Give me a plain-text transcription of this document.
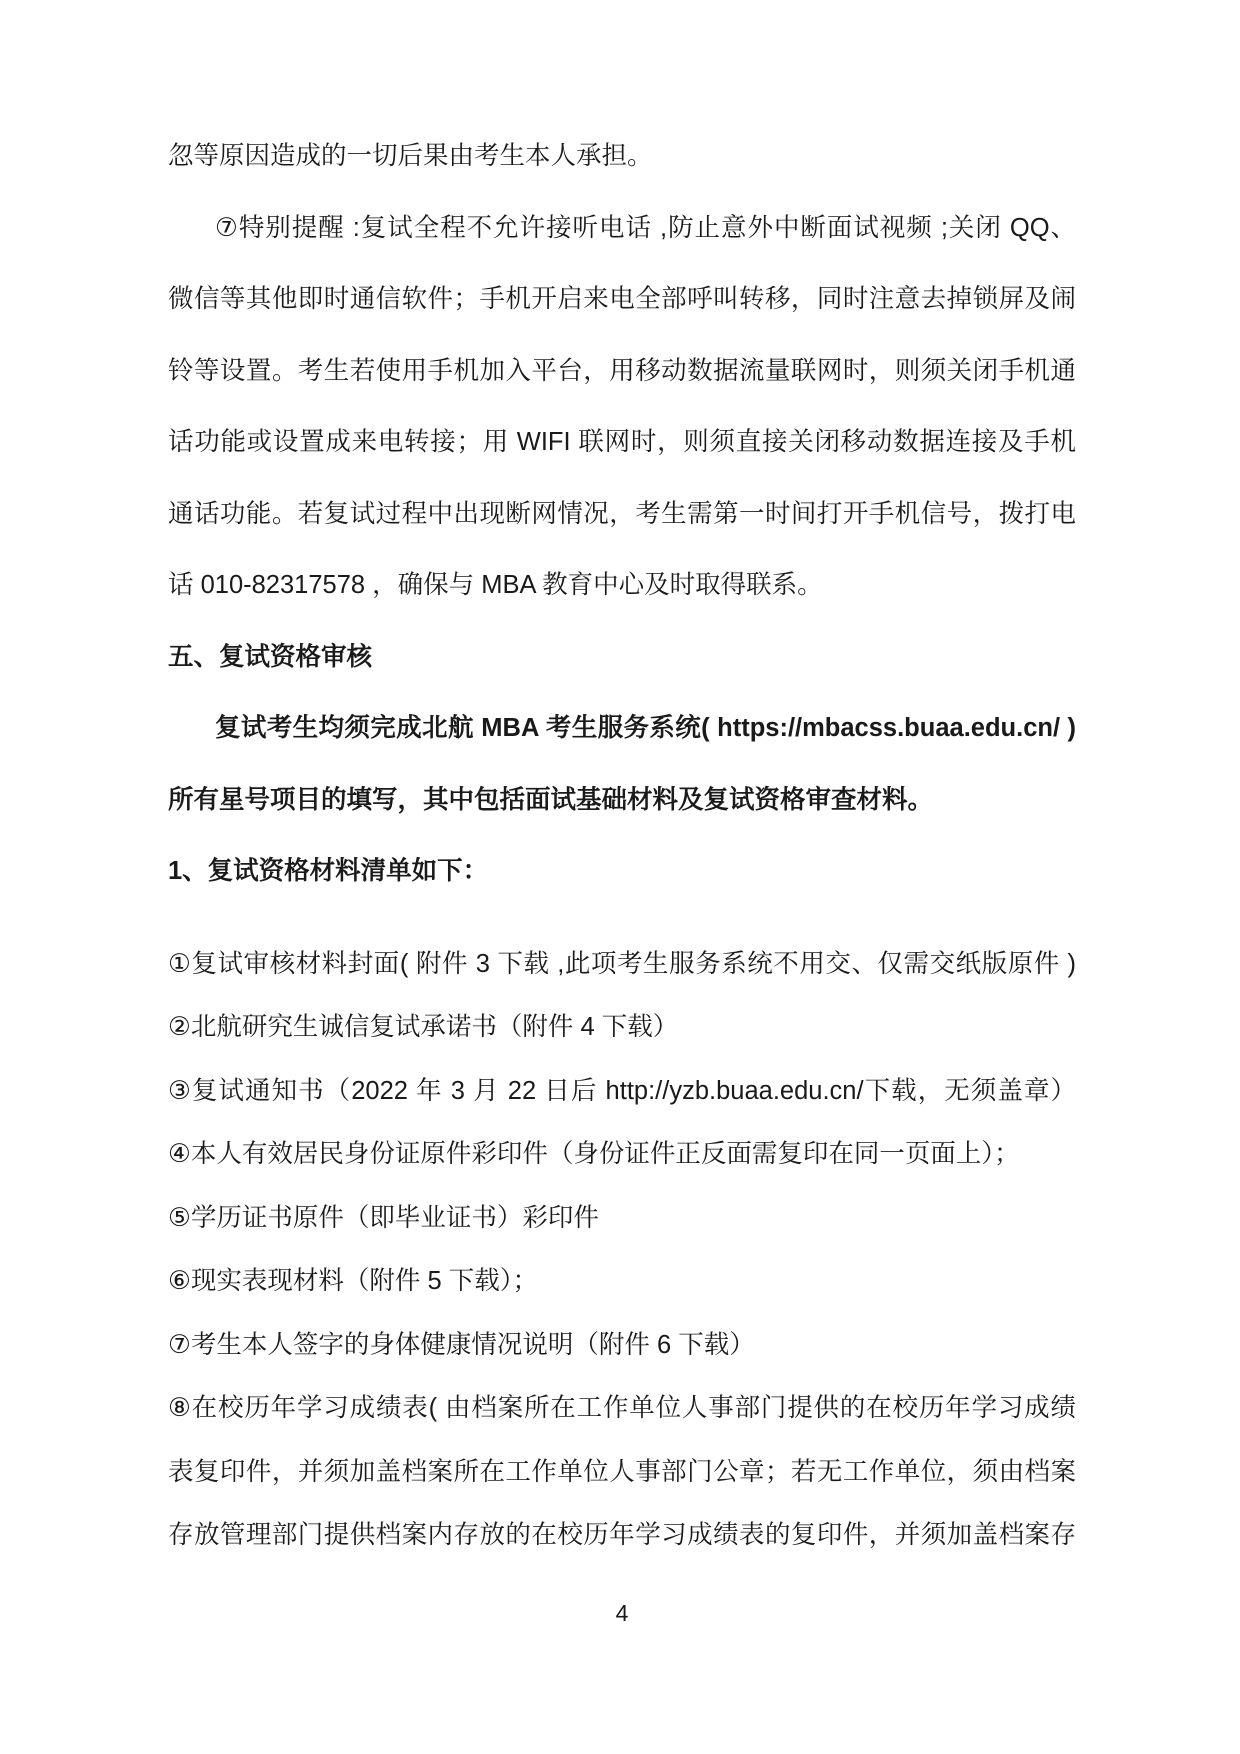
忽等原因造成的一切后果由考生本人承担。
⑦特别提醒 :复试全程不允许接听电话 ,防止意外中断面试视频 ;关闭 QQ、
微信等其他即时通信软件；手机开启来电全部呼叫转移，同时注意去掉锁屏及闹
铃等设置。考生若使用手机加入平台，用移动数据流量联网时，则须关闭手机通
话功能或设置成来电转接；用 WIFI 联网时，则须直接关闭移动数据连接及手机
通话功能。若复试过程中出现断网情况，考生需第一时间打开手机信号，拨打电
话 010-82317578 ，确保与 MBA 教育中心及时取得联系。
五、复试资格审核
复试考生均须完成北航 MBA 考生服务系统( https://mbacss.buaa.edu.cn/ )
所有星号项目的填写，其中包括面试基础材料及复试资格审查材料。
1、复试资格材料清单如下：
①复试审核材料封面( 附件 3 下载 ,此项考生服务系统不用交、仅需交纸版原件 )
②北航研究生诚信复试承诺书（附件 4 下载）
③复试通知书（2022 年 3 月 22 日后 http://yzb.buaa.edu.cn/下载，无须盖章）
④本人有效居民身份证原件彩印件（身份证件正反面需复印在同一页面上）；
⑤学历证书原件（即毕业证书）彩印件
⑥现实表现材料（附件 5 下载）；
⑦考生本人签字的身体健康情况说明（附件 6 下载）
⑧在校历年学习成绩表( 由档案所在工作单位人事部门提供的在校历年学习成绩
表复印件，并须加盖档案所在工作单位人事部门公章；若无工作单位，须由档案
存放管理部门提供档案内存放的在校历年学习成绩表的复印件，并须加盖档案存
4
